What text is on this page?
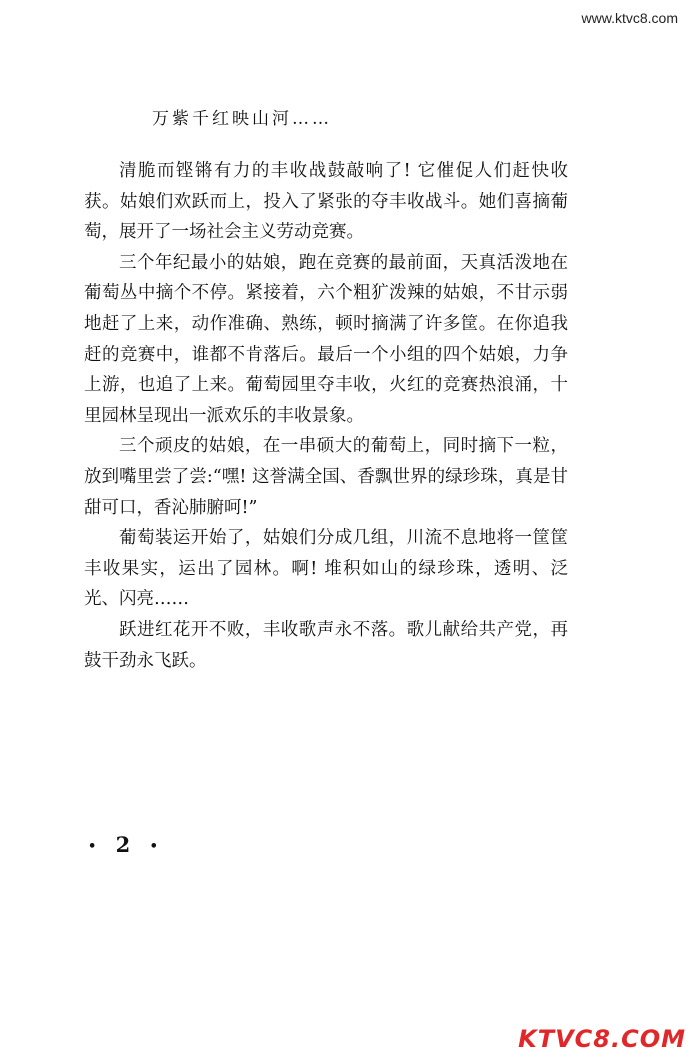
www.ktvc8.com
万紫千红映山河……

清脆而铿锵有力的丰收战鼓敲响了! 它催促人们赶快收获。姑娘们欢跃而上，投入了紧张的夺丰收战斗。她们喜摘葡萄，展开了一场社会主义劳动竞赛。

三个年纪最小的姑娘，跑在竞赛的最前面，天真活泼地在葡萄丛中摘个不停。紧接着，六个粗犷泼辣的姑娘，不甘示弱地赶了上来，动作准确、熟练，顿时摘满了许多筐。在你追我赶的竞赛中，谁都不肯落后。最后一个小组的四个姑娘，力争上游，也追了上来。葡萄园里夺丰收，火红的竞赛热浪涌，十里园林呈现出一派欢乐的丰收景象。

三个顽皮的姑娘，在一串硕大的葡萄上，同时摘下一粒，放到嘴里尝了尝:“嘿! 这誉满全国、香飘世界的绿珍珠，真是甘甜可口，香沁肺腑呵!”

葡萄装运开始了，姑娘们分成几组，川流不息地将一筐筐丰收果实，运出了园林。啊! 堆积如山的绿珍珠，透明、泛光、闪亮……

跃进红花开不败，丰收歌声永不落。歌儿献给共产党，再鼓干劲永飞跃。

• 2 •
KTVC8.COM
